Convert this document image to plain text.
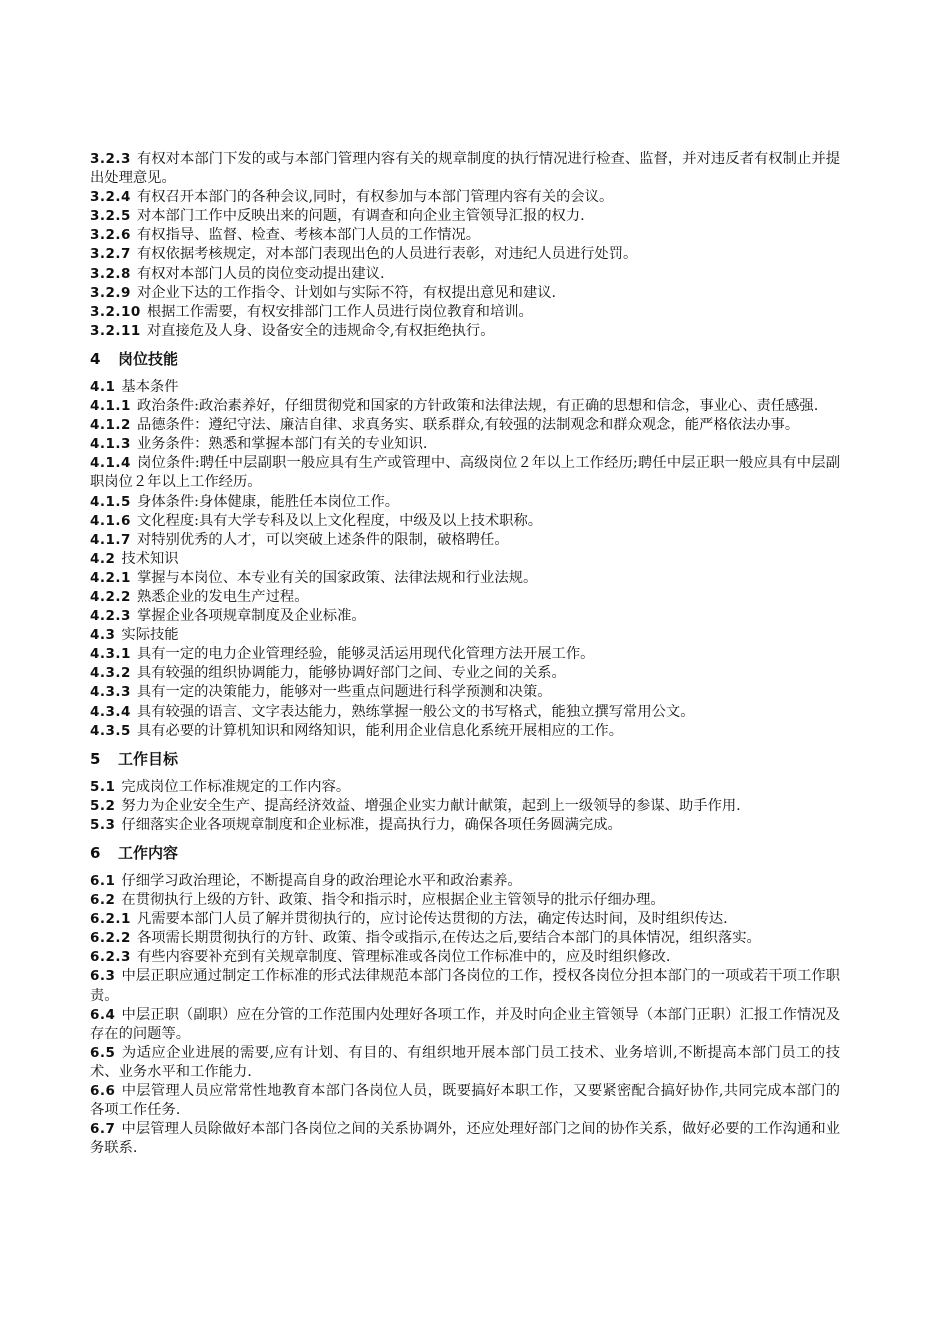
3.2.3 有权对本部门下发的或与本部门管理内容有关的规章制度的执行情况进行检查、监督，并对违反者有权制止并提出处理意见。

3.2.4 有权召开本部门的各种会议,同时，有权参加与本部门管理内容有关的会议。

3.2.5 对本部门工作中反映出来的问题，有调查和向企业主管领导汇报的权力.

3.2.6 有权指导、监督、检查、考核本部门人员的工作情况。

3.2.7 有权依据考核规定，对本部门表现出色的人员进行表彰，对违纪人员进行处罚。

3.2.8 有权对本部门人员的岗位变动提出建议.

3.2.9 对企业下达的工作指令、计划如与实际不符，有权提出意见和建议.

3.2.10 根据工作需要，有权安排部门工作人员进行岗位教育和培训。

3.2.11 对直接危及人身、设备安全的违规命令,有权拒绝执行。

4 岗位技能

4.1 基本条件

4.1.1 政治条件:政治素养好，仔细贯彻党和国家的方针政策和法律法规，有正确的思想和信念，事业心、责任感强.

4.1.2 品德条件：遵纪守法、廉洁自律、求真务实、联系群众,有较强的法制观念和群众观念，能严格依法办事。

4.1.3 业务条件：熟悉和掌握本部门有关的专业知识.

4.1.4 岗位条件:聘任中层副职一般应具有生产或管理中、高级岗位２年以上工作经历;聘任中层正职一般应具有中层副职岗位２年以上工作经历。

4.1.5 身体条件:身体健康，能胜任本岗位工作。

4.1.6 文化程度:具有大学专科及以上文化程度，中级及以上技术职称。

4.1.7 对特别优秀的人才，可以突破上述条件的限制，破格聘任。

4.2 技术知识

4.2.1 掌握与本岗位、本专业有关的国家政策、法律法规和行业法规。

4.2.2 熟悉企业的发电生产过程。

4.2.3 掌握企业各项规章制度及企业标准。

4.3 实际技能

4.3.1 具有一定的电力企业管理经验，能够灵活运用现代化管理方法开展工作。

4.3.2 具有较强的组织协调能力，能够协调好部门之间、专业之间的关系。

4.3.3 具有一定的决策能力，能够对一些重点问题进行科学预测和决策。

4.3.4 具有较强的语言、文字表达能力，熟练掌握一般公文的书写格式，能独立撰写常用公文。

4.3.5 具有必要的计算机知识和网络知识，能利用企业信息化系统开展相应的工作。

5 工作目标

5.1 完成岗位工作标准规定的工作内容。

5.2 努力为企业安全生产、提高经济效益、增强企业实力献计献策，起到上一级领导的参谋、助手作用.

5.3 仔细落实企业各项规章制度和企业标准，提高执行力，确保各项任务圆满完成。

6 工作内容

6.1 仔细学习政治理论，不断提高自身的政治理论水平和政治素养。

6.2 在贯彻执行上级的方针、政策、指令和指示时，应根据企业主管领导的批示仔细办理。

6.2.1 凡需要本部门人员了解并贯彻执行的，应讨论传达贯彻的方法，确定传达时间，及时组织传达.

6.2.2 各项需长期贯彻执行的方针、政策、指令或指示,在传达之后,要结合本部门的具体情况，组织落实。

6.2.3 有些内容要补充到有关规章制度、管理标准或各岗位工作标准中的，应及时组织修改.

6.3 中层正职应通过制定工作标准的形式法律规范本部门各岗位的工作，授权各岗位分担本部门的一项或若干项工作职责。

6.4 中层正职（副职）应在分管的工作范围内处理好各项工作，并及时向企业主管领导（本部门正职）汇报工作情况及存在的问题等。

6.5 为适应企业进展的需要,应有计划、有目的、有组织地开展本部门员工技术、业务培训,不断提高本部门员工的技术、业务水平和工作能力.

6.6 中层管理人员应常常性地教育本部门各岗位人员，既要搞好本职工作，又要紧密配合搞好协作,共同完成本部门的各项工作任务.

6.7 中层管理人员除做好本部门各岗位之间的关系协调外，还应处理好部门之间的协作关系，做好必要的工作沟通和业务联系.
